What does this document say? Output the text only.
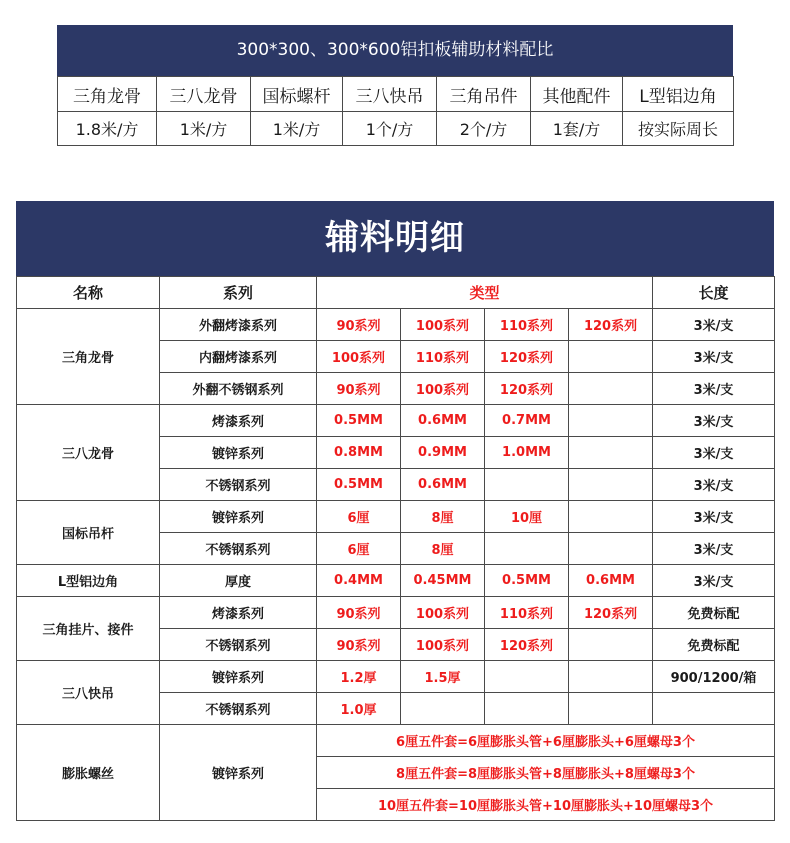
300*300、300*600铝扣板辅助材料配比
三角龙骨	三八龙骨	国标螺杆	三八快吊	三角吊件	其他配件	L型铝边角
1.8米/方	1米/方	1米/方	1个/方	2个/方	1套/方	按实际周长
辅料明细
名称	系列	类型				长度
三角龙骨	外翻烤漆系列	90系列	100系列	110系列	120系列	3米/支
	内翻烤漆系列	100系列	110系列	120系列		3米/支
	外翻不锈钢系列	90系列	100系列	120系列		3米/支
三八龙骨	烤漆系列	0.5MM	0.6MM	0.7MM		3米/支
	镀锌系列	0.8MM	0.9MM	1.0MM		3米/支
	不锈钢系列	0.5MM	0.6MM			3米/支
国标吊杆	镀锌系列	6厘	8厘	10厘		3米/支
	不锈钢系列	6厘	8厘			3米/支
L型铝边角	厚度	0.4MM	0.45MM	0.5MM	0.6MM	3米/支
三角挂片、接件	烤漆系列	90系列	100系列	110系列	120系列	免费标配
	不锈钢系列	90系列	100系列	120系列		免费标配
三八快吊	镀锌系列	1.2厚	1.5厚			900/1200/箱
	不锈钢系列	1.0厚				
膨胀螺丝	镀锌系列	6厘五件套=6厘膨胀头管+6厘膨胀头+6厘螺母3个				
		8厘五件套=8厘膨胀头管+8厘膨胀头+8厘螺母3个				
		10厘五件套=10厘膨胀头管+10厘膨胀头+10厘螺母3个				
